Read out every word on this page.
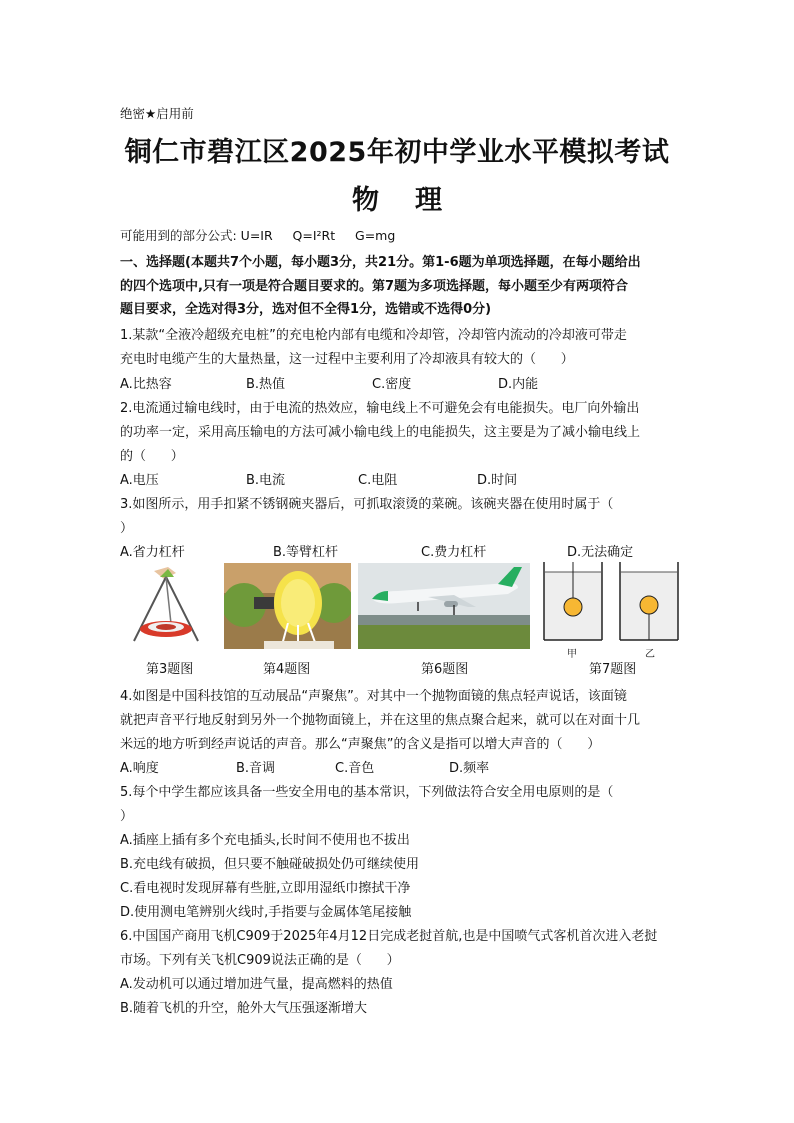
绝密★启用前
铜仁市碧江区2025年初中学业水平模拟考试
物 理
可能用到的部分公式: U=IR     Q=I²Rt     G=mg
一、选择题(本题共7个小题，每小题3分，共21分。第1-6题为单项选择题，在每小题给出
的四个选项中,只有一项是符合题目要求的。第7题为多项选择题，每小题至少有两项符合
题目要求，全选对得3分，选对但不全得1分，选错或不选得0分)
1.某款“全液冷超级充电桩”的充电枪内部有电缆和冷却管，冷却管内流动的冷却液可带走
充电时电缆产生的大量热量，这一过程中主要利用了冷却液具有较大的（      ）
A.比热容	B.热值	C.密度	D.内能
2.电流通过输电线时，由于电流的热效应，输电线上不可避免会有电能损失。电厂向外输出
的功率一定，采用高压输电的方法可减小输电线上的电能损失，这主要是为了减小输电线上
的（      ）
A.电压	B.电流	C.电阻	D.时间
3.如图所示，用手扣紧不锈钢碗夹器后，可抓取滚烫的菜碗。该碗夹器在使用时属于（
）
A.省力杠杆	B.等臂杠杆	C.费力杠杆	D.无法确定
甲	乙
第3题图	第4题图	第6题图	第7题图
4.如图是中国科技馆的互动展品“声聚焦”。对其中一个抛物面镜的焦点轻声说话，该面镜
就把声音平行地反射到另外一个抛物面镜上，并在这里的焦点聚合起来，就可以在对面十几
米远的地方听到经声说话的声音。那么“声聚焦”的含义是指可以增大声音的（      ）
A.响度	B.音调	C.音色	D.频率
5.每个中学生都应该具备一些安全用电的基本常识，下列做法符合安全用电原则的是（
）
A.插座上插有多个充电插头,长时间不使用也不拔出
B.充电线有破损，但只要不触碰破损处仍可继续使用
C.看电视时发现屏幕有些脏,立即用湿纸巾擦拭干净
D.使用测电笔辨别火线时,手指要与金属体笔尾接触
6.中国国产商用飞机C909于2025年4月12日完成老挝首航,也是中国喷气式客机首次进入老挝
市场。下列有关飞机C909说法正确的是（      ）
A.发动机可以通过增加进气量，提高燃料的热值
B.随着飞机的升空，舱外大气压强逐渐增大
